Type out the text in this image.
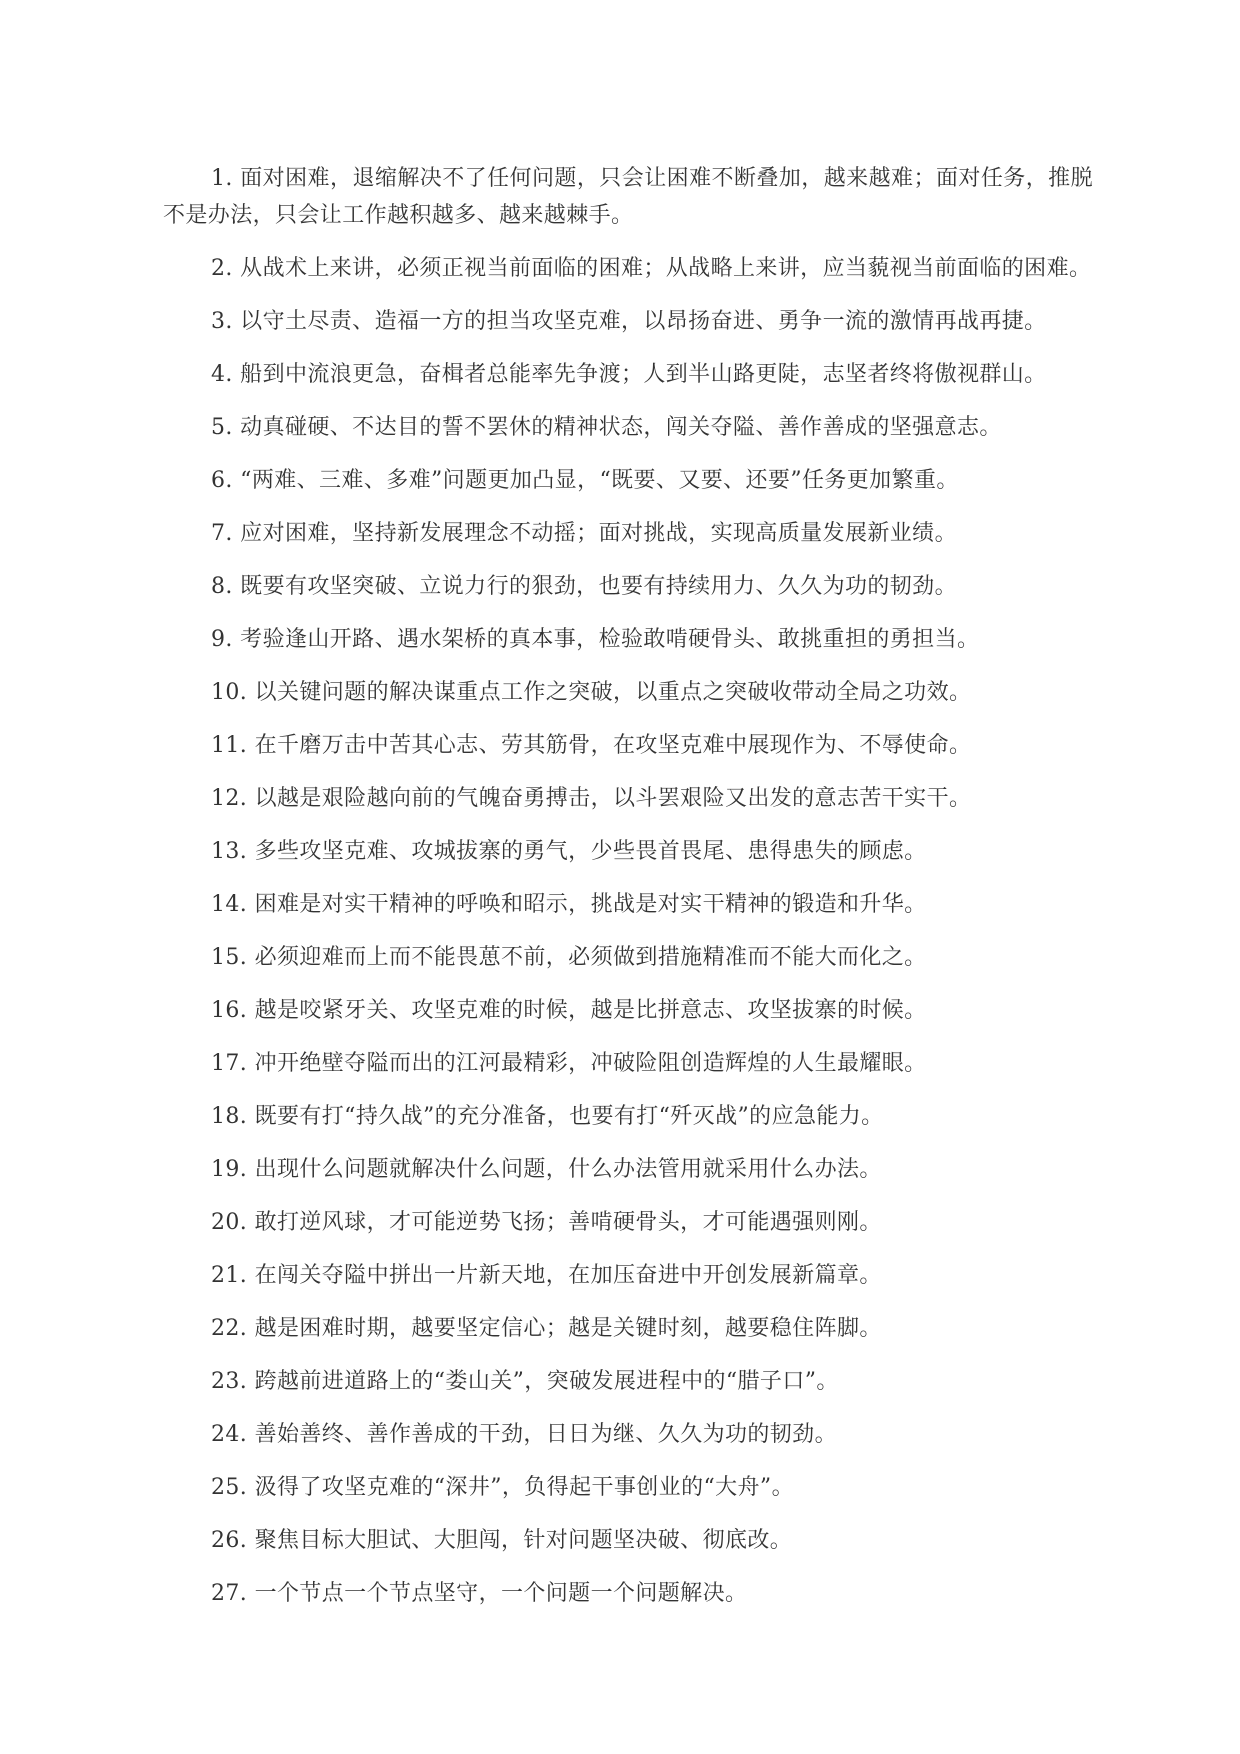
1. 面对困难，退缩解决不了任何问题，只会让困难不断叠加，越来越难；面对任务，推脱不是办法，只会让工作越积越多、越来越棘手。

2. 从战术上来讲，必须正视当前面临的困难；从战略上来讲，应当藐视当前面临的困难。

3. 以守土尽责、造福一方的担当攻坚克难，以昂扬奋进、勇争一流的激情再战再捷。

4. 船到中流浪更急，奋楫者总能率先争渡；人到半山路更陡，志坚者终将傲视群山。

5. 动真碰硬、不达目的誓不罢休的精神状态，闯关夺隘、善作善成的坚强意志。

6. “两难、三难、多难”问题更加凸显，“既要、又要、还要”任务更加繁重。

7. 应对困难，坚持新发展理念不动摇；面对挑战，实现高质量发展新业绩。

8. 既要有攻坚突破、立说力行的狠劲，也要有持续用力、久久为功的韧劲。

9. 考验逢山开路、遇水架桥的真本事，检验敢啃硬骨头、敢挑重担的勇担当。

10. 以关键问题的解决谋重点工作之突破，以重点之突破收带动全局之功效。

11. 在千磨万击中苦其心志、劳其筋骨，在攻坚克难中展现作为、不辱使命。

12. 以越是艰险越向前的气魄奋勇搏击，以斗罢艰险又出发的意志苦干实干。

13. 多些攻坚克难、攻城拔寨的勇气，少些畏首畏尾、患得患失的顾虑。

14. 困难是对实干精神的呼唤和昭示，挑战是对实干精神的锻造和升华。

15. 必须迎难而上而不能畏葸不前，必须做到措施精准而不能大而化之。

16. 越是咬紧牙关、攻坚克难的时候，越是比拼意志、攻坚拔寨的时候。

17. 冲开绝壁夺隘而出的江河最精彩，冲破险阻创造辉煌的人生最耀眼。

18. 既要有打“持久战”的充分准备，也要有打“歼灭战”的应急能力。

19. 出现什么问题就解决什么问题，什么办法管用就采用什么办法。

20. 敢打逆风球，才可能逆势飞扬；善啃硬骨头，才可能遇强则刚。

21. 在闯关夺隘中拼出一片新天地，在加压奋进中开创发展新篇章。

22. 越是困难时期，越要坚定信心；越是关键时刻，越要稳住阵脚。

23. 跨越前进道路上的“娄山关”，突破发展进程中的“腊子口”。

24. 善始善终、善作善成的干劲，日日为继、久久为功的韧劲。

25. 汲得了攻坚克难的“深井”，负得起干事创业的“大舟”。

26. 聚焦目标大胆试、大胆闯，针对问题坚决破、彻底改。

27. 一个节点一个节点坚守，一个问题一个问题解决。
